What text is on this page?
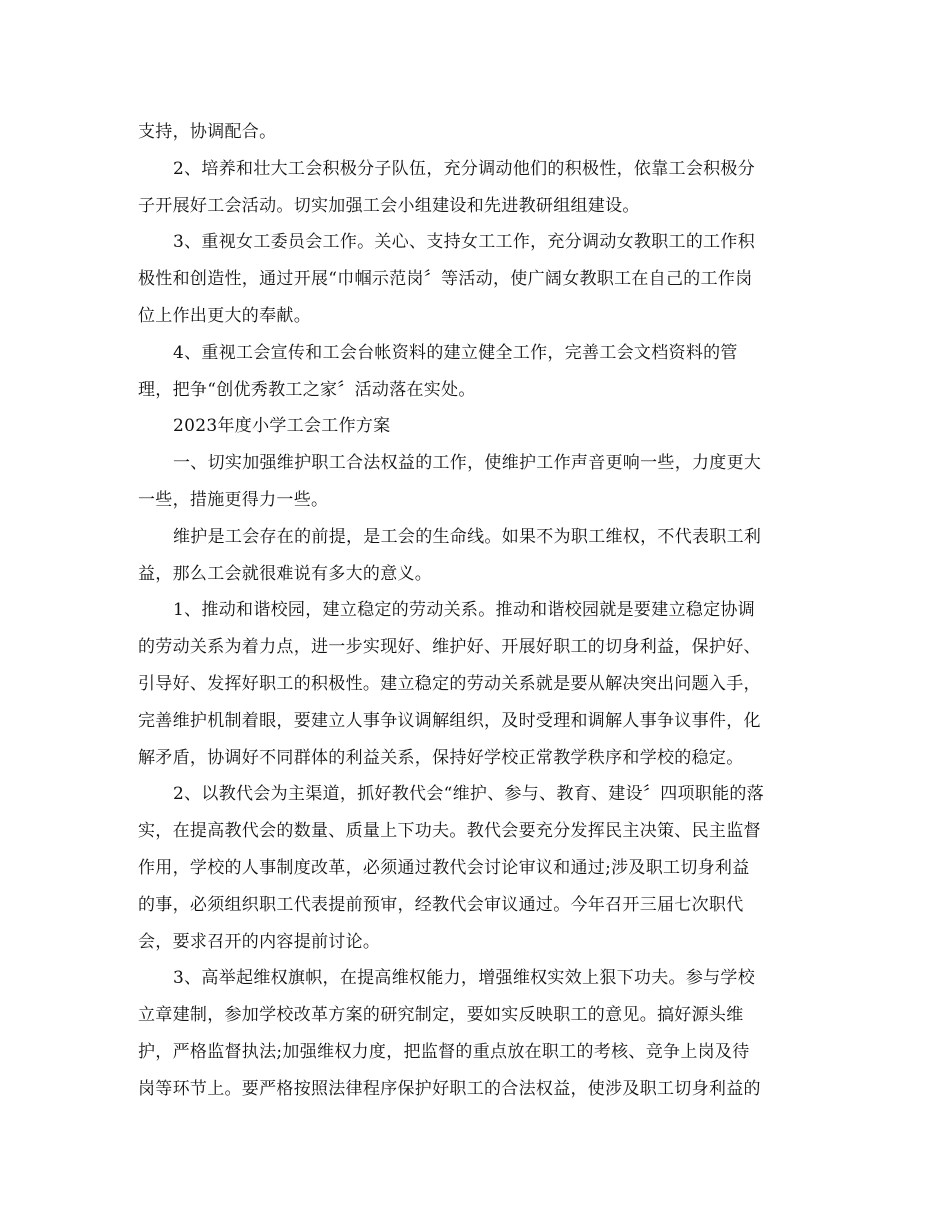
支持，协调配合。
2、培养和壮大工会积极分子队伍，充分调动他们的积极性，依靠工会积极分
子开展好工会活动。切实加强工会小组建设和先进教研组组建设。
3、重视女工委员会工作。关心、支持女工工作，充分调动女教职工的工作积
极性和创造性，通过开展“巾帼示范岗〞等活动，使广阔女教职工在自己的工作岗
位上作出更大的奉献。
4、重视工会宣传和工会台帐资料的建立健全工作，完善工会文档资料的管
理，把争“创优秀教工之家〞活动落在实处。
2023年度小学工会工作方案
一、切实加强维护职工合法权益的工作，使维护工作声音更响一些，力度更大
一些，措施更得力一些。
维护是工会存在的前提，是工会的生命线。如果不为职工维权，不代表职工利
益，那么工会就很难说有多大的意义。
1、推动和谐校园，建立稳定的劳动关系。推动和谐校园就是要建立稳定协调
的劳动关系为着力点，进一步实现好、维护好、开展好职工的切身利益，保护好、
引导好、发挥好职工的积极性。建立稳定的劳动关系就是要从解决突出问题入手，
完善维护机制着眼，要建立人事争议调解组织，及时受理和调解人事争议事件，化
解矛盾，协调好不同群体的利益关系，保持好学校正常教学秩序和学校的稳定。
2、以教代会为主渠道，抓好教代会“维护、参与、教育、建设〞四项职能的落
实，在提高教代会的数量、质量上下功夫。教代会要充分发挥民主决策、民主监督
作用，学校的人事制度改革，必须通过教代会讨论审议和通过;涉及职工切身利益
的事，必须组织职工代表提前预审，经教代会审议通过。今年召开三届七次职代
会，要求召开的内容提前讨论。
3、高举起维权旗帜，在提高维权能力，增强维权实效上狠下功夫。参与学校
立章建制，参加学校改革方案的研究制定，要如实反映职工的意见。搞好源头维
护，严格监督执法;加强维权力度，把监督的重点放在职工的考核、竞争上岗及待
岗等环节上。要严格按照法律程序保护好职工的合法权益，使涉及职工切身利益的
